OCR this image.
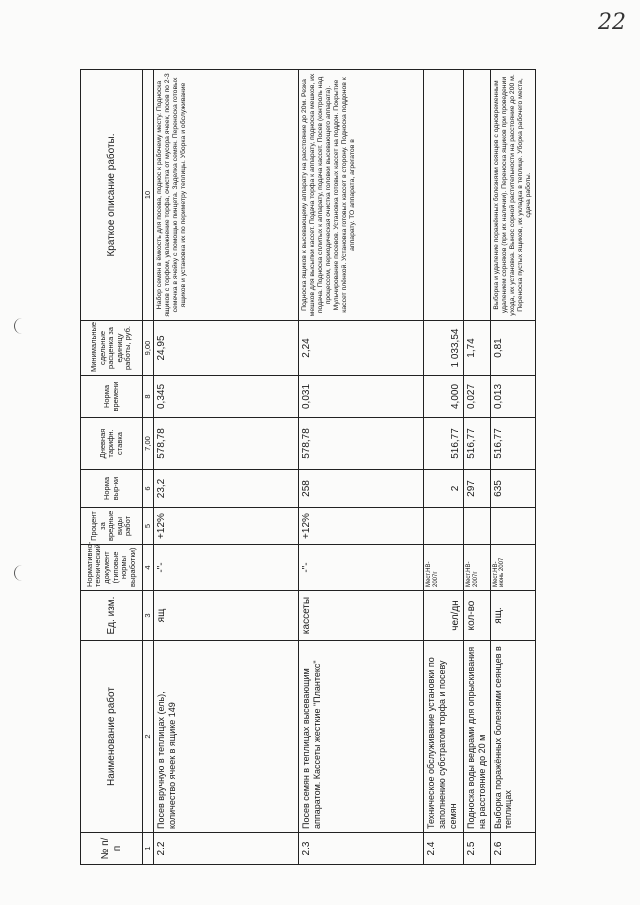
22
№ п/п	Наименование работ	Ед. изм.	Нормативно-технический документ (типовые нормы выработки)	Процент за вредные виды работ	Норма выр-ки	Дневная тарифн. ставка	Норма времени	Минимальные сдельные расценка за единицу работы, руб.	Краткое описание работы.
1	2	3	4	5	6	7,00	8	9,00	10
2.2	Посев вручную в теплицах (ель), количество ячеек в ящике 149	ящ	-"-	+12%	23,2	578,78	0,345	24,95	Набор семян в ёмкость для посева, поднос к рабочему месту. Подноска ящиков с торфом, увлажнение торфа, очистка от мусора ячеек, посев по 2-3 семечка в ячейку с помощью пинцета. Заделка семян. Переноска готовых ящиков и установка их по периметру теплицы. Уборка и обслуживание
2.3	Посев семян в теплицах высевающим аппаратом. Кассеты жесткие "Плантекс"	кассеты	-"-	+12%	258	578,78	0,031	2,24	Подноска ящиков к высевающему аппарату на расстояние до 20м. Резка мешков для высыпки кассет. Подача торфа к аппарату, подноска мешков, их подача. Подноска сплитых к аппарату, подача кассет. Посев (контроль над процессом, периодическая очистка головки высевающего аппарата). Мульчирование посевов. Установка готовых кассет на поддон. Покрытие кассет плёнкой. Установка готовых кассет в сторону. Подноска поддонов к аппарату. ТО аппарата, агрегатов в
2.4	Техническое обслуживание установки по заполнению субстратом торфа и посеву семян	чел/дн	Мест.НВ- 2007г		2	516,77	4,000	1 033,54	
2.5	Подноска воды ведрами для опрыскивания на расстояние до 20 м	кол-во	Мест.НВ- 2007г		297	516,77	0,027	1,74	
2.6	Выборка поражённых болезнями сеянцев в теплицах	ящ.	Мест.НВ-июнь 2007		635	516,77	0,013	0,81	Выборка и удаление поражённых болезнями сеянцев с одновременным удалением сорняков (при их наличии). Переноска ящиков при проведении ухода, их установка. Вынос сорной растительности на расстояние до 200 м. Переноска пустых ящиков, их укладка в теплице. Уборка рабочего места, сдача работы.
